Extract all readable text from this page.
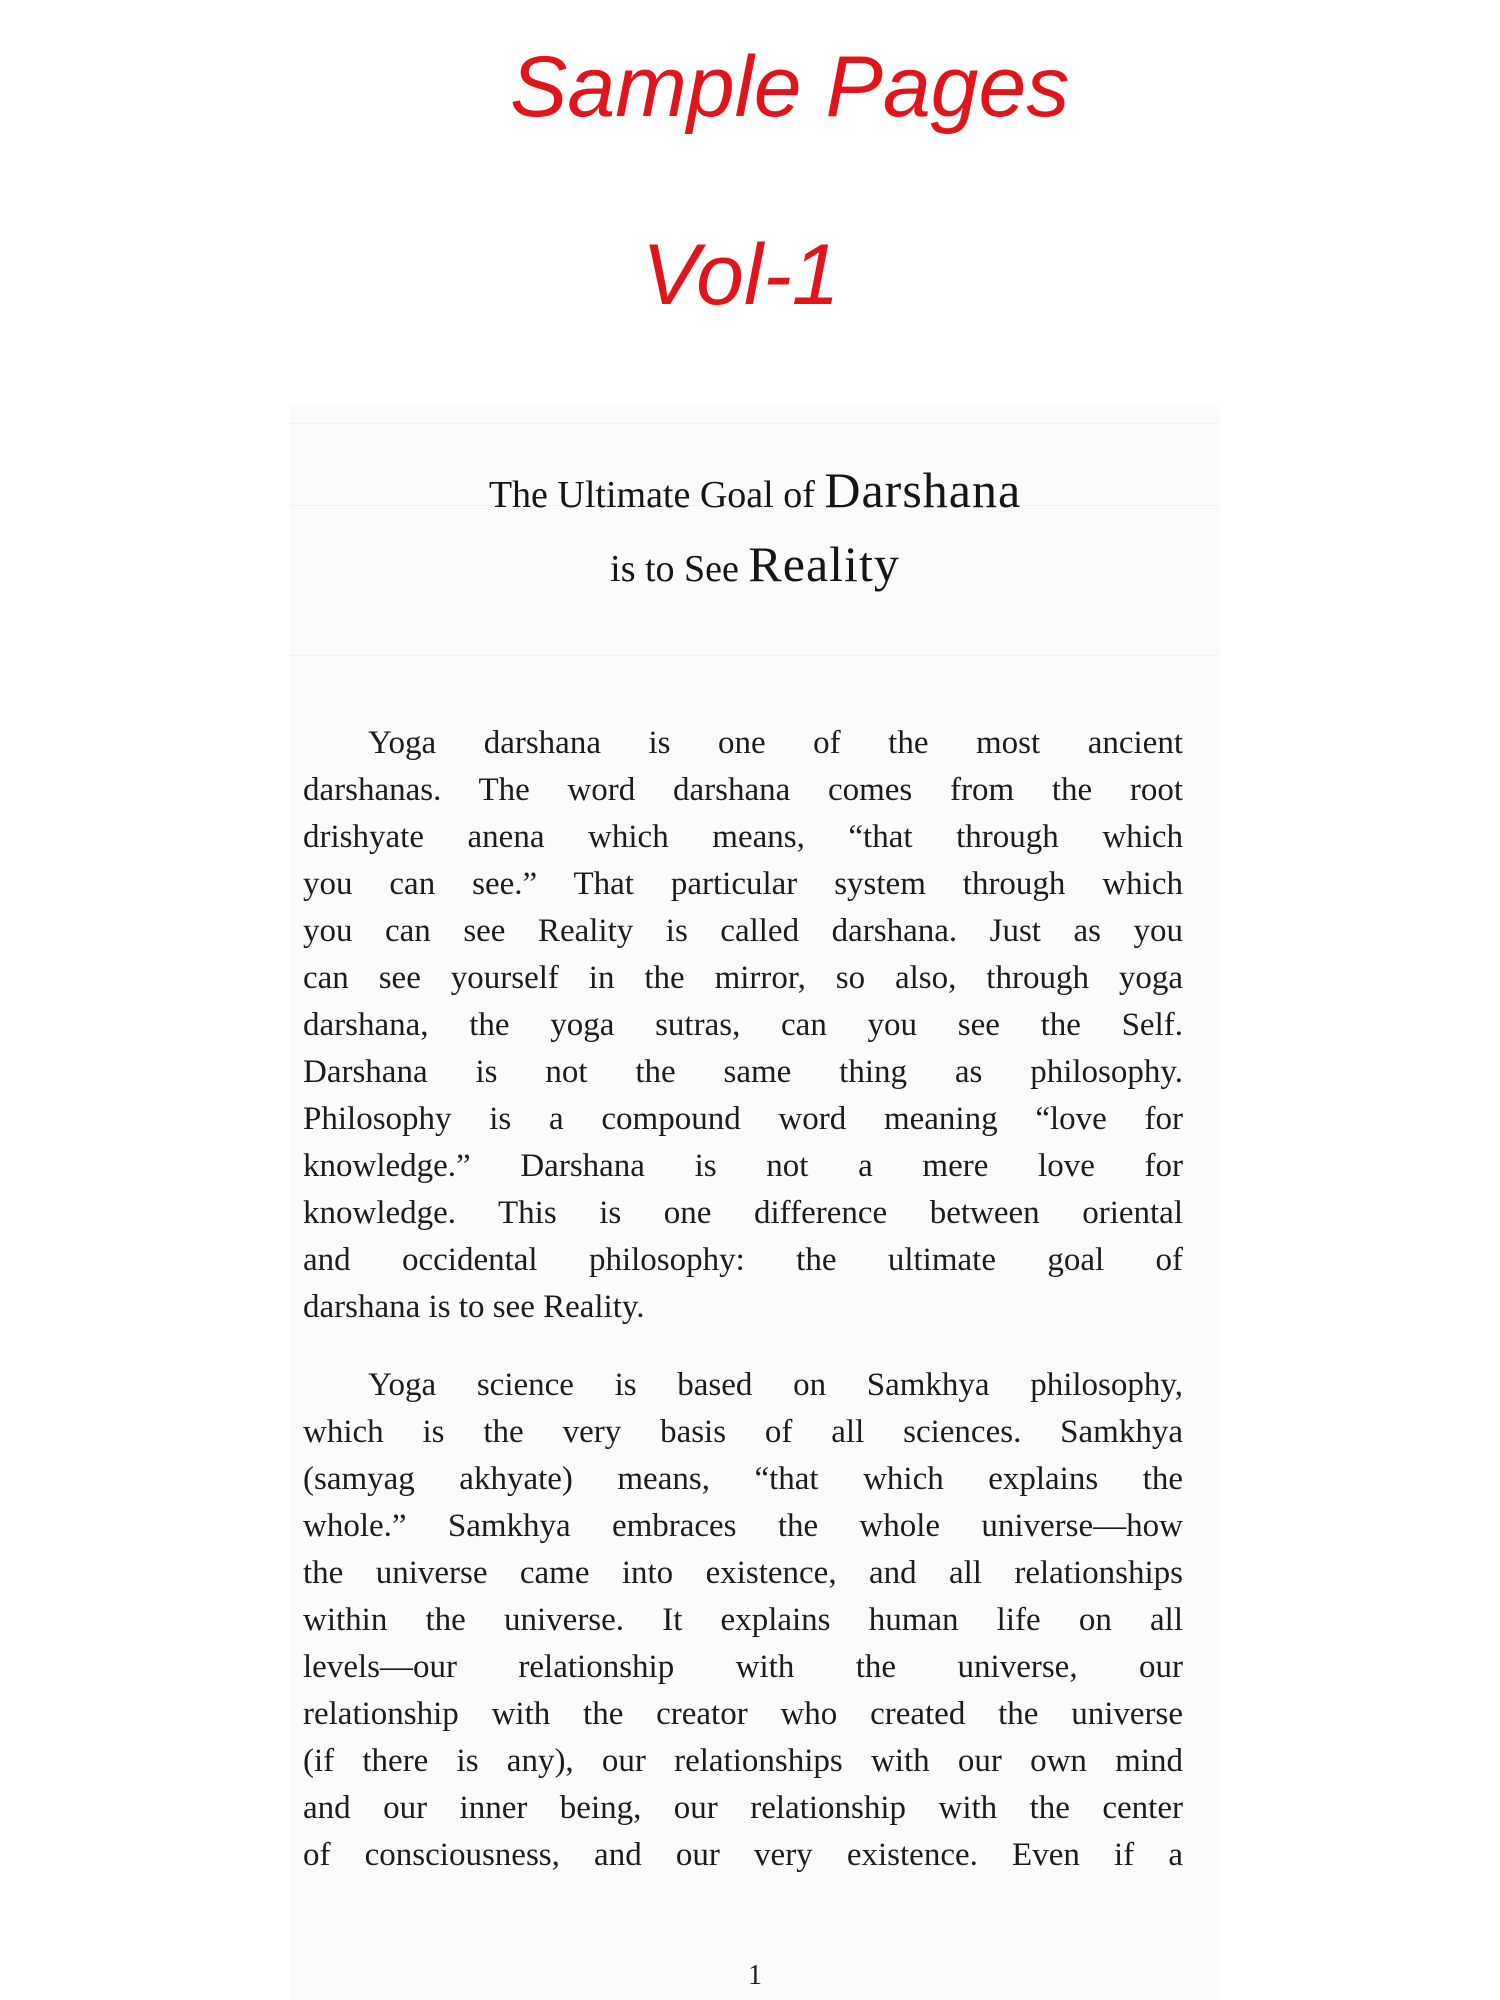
Sample Pages
Vol-1
The Ultimate Goal of Darshana
is to See Reality
Yoga darshana is one of the most ancient
darshanas. The word darshana comes from the root
drishyate anena which means, “that through which
you can see.” That particular system through which
you can see Reality is called darshana. Just as you
can see yourself in the mirror, so also, through yoga
darshana, the yoga sutras, can you see the Self.
Darshana is not the same thing as philosophy.
Philosophy is a compound word meaning “love for
knowledge.” Darshana is not a mere love for
knowledge. This is one difference between oriental
and occidental philosophy: the ultimate goal of
darshana is to see Reality.
Yoga science is based on Samkhya philosophy,
which is the very basis of all sciences. Samkhya
(samyag akhyate) means, “that which explains the
whole.” Samkhya embraces the whole universe—how
the universe came into existence, and all relationships
within the universe. It explains human life on all
levels—our relationship with the universe, our
relationship with the creator who created the universe
(if there is any), our relationships with our own mind
and our inner being, our relationship with the center
of consciousness, and our very existence. Even if a
1
